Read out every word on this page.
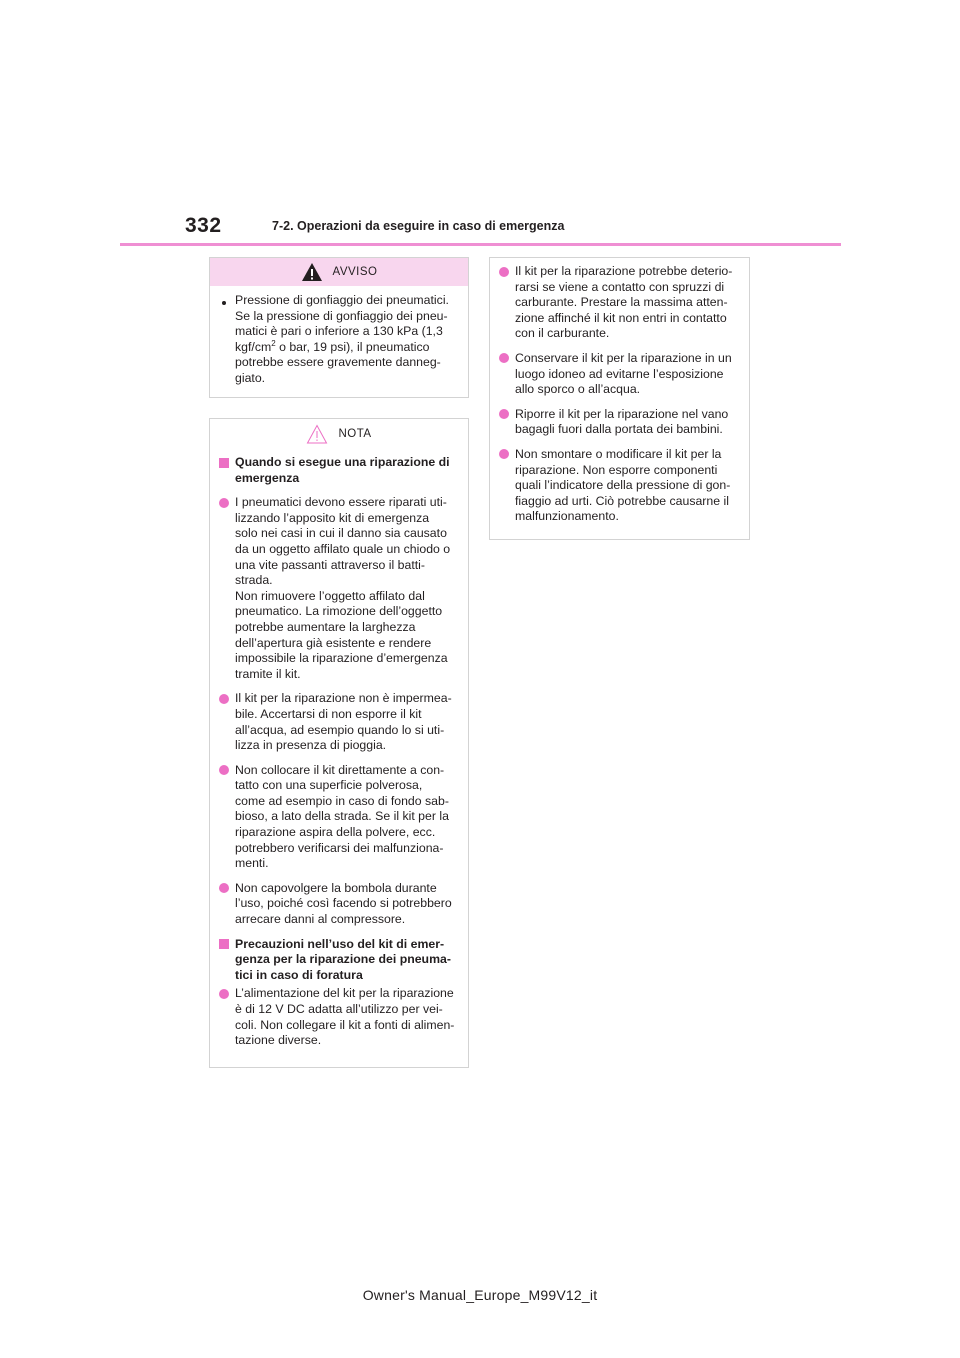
332	7-2. Operazioni da eseguire in caso di emergenza
AVVISO
Pressione di gonfiaggio dei pneumatici. Se la pressione di gonfiaggio dei pneu-
matici è pari o inferiore a 130 kPa (1,3
kgf/$cm^2$ o bar, 19 psi), il pneumatico potrebbe essere gravemente danneg-
giato.
NOTA
Quando si esegue una riparazione di
emergenza
I pneumatici devono essere riparati uti-
lizzando l’apposito kit di emergenza
solo nei casi in cui il danno sia causato
da un oggetto affilato quale un chiodo o
una vite passanti attraverso il batti-
strada.
Non rimuovere l’oggetto affilato dal
pneumatico. La rimozione dell’oggetto
potrebbe aumentare la larghezza
dell’apertura già esistente e rendere
impossibile la riparazione d’emergenza
tramite il kit.
Il kit per la riparazione non è impermea-
bile. Accertarsi di non esporre il kit
all’acqua, ad esempio quando lo si uti-
lizza in presenza di pioggia.
Non collocare il kit direttamente a con-
tatto con una superficie polverosa,
come ad esempio in caso di fondo sab-
bioso, a lato della strada. Se il kit per la
riparazione aspira della polvere, ecc.
potrebbero verificarsi dei malfunziona-
menti.
Non capovolgere la bombola durante
l’uso, poiché così facendo si potrebbero
arrecare danni al compressore.
Precauzioni nell’uso del kit di emer-
genza per la riparazione dei pneuma-
tici in caso di foratura
L’alimentazione del kit per la riparazione
è di 12 V DC adatta all’utilizzo per vei-
coli. Non collegare il kit a fonti di alimen-
tazione diverse.
Il kit per la riparazione potrebbe deterio-
rarsi se viene a contatto con spruzzi di
carburante. Prestare la massima atten-
zione affinché il kit non entri in contatto
con il carburante.
Conservare il kit per la riparazione in un
luogo idoneo ad evitarne l’esposizione
allo sporco o all’acqua.
Riporre il kit per la riparazione nel vano
bagagli fuori dalla portata dei bambini.
Non smontare o modificare il kit per la
riparazione. Non esporre componenti
quali l’indicatore della pressione di gon-
fiaggio ad urti. Ciò potrebbe causarne il
malfunzionamento.
Owner's Manual_Europe_M99V12_it
